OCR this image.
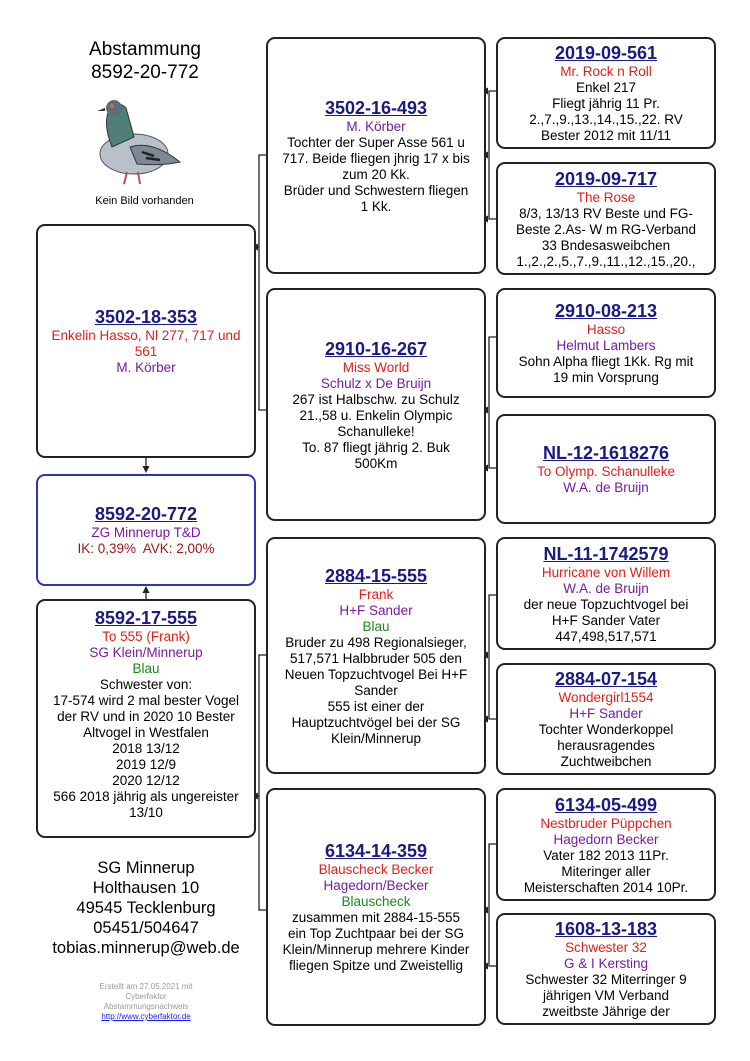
Abstammung
8592-20-772
Kein Bild vorhanden
3502-18-353
Enkelin Hasso, Nl 277, 717 und 561
M. Körber
8592-20-772
ZG Minnerup T&D
IK: 0,39%  AVK: 2,00%
8592-17-555
To 555 (Frank)
SG Klein/Minnerup
Blau
Schwester von:
17-574 wird 2 mal bester Vogel
der RV und in 2020 10 Bester
Altvogel in Westfalen
2018 13/12
2019 12/9
2020 12/12
566 2018 jährig als ungereister
13/10
SG Minnerup
Holthausen 10
49545 Tecklenburg
05451/504647
tobias.minnerup@web.de
Erstellt am 27.05.2021 mit
Cyberfaktor
Abstammungsnachweis
http://www.cyberfaktor.de
3502-16-493
M. Körber
Tochter der Super Asse 561 u
717. Beide fliegen jhrig 17 x bis
zum 20 Kk.
Brüder und Schwestern fliegen
1 Kk.
2910-16-267
Miss World
Schulz x De Bruijn
267 ist Halbschw. zu Schulz
21.,58 u. Enkelin Olympic
Schanulleke!
To. 87 fliegt jährig 2. Buk
500Km
2884-15-555
Frank
H+F Sander
Blau
Bruder zu 498 Regionalsieger,
517,571 Halbbruder 505 den
Neuen Topzuchtvogel Bei H+F
Sander
555 ist einer der
Hauptzuchtvögel bei der SG
Klein/Minnerup
6134-14-359
Blauscheck Becker
Hagedorn/Becker
Blauscheck
zusammen mit 2884-15-555
ein Top Zuchtpaar bei der SG
Klein/Minnerup mehrere Kinder
fliegen Spitze und Zweistellig
2019-09-561
Mr. Rock n Roll
Enkel 217
Fliegt jährig 11 Pr.
2.,7.,9.,13.,14.,15.,22. RV
Bester 2012 mit 11/11
2019-09-717
The Rose
8/3, 13/13 RV Beste und FG-
Beste 2.As- W m RG-Verband
33 Bndesasweibchen
1.,2.,2.,5.,7.,9.,11.,12.,15.,20.,
2910-08-213
Hasso
Helmut Lambers
Sohn Alpha fliegt 1Kk. Rg mit
19 min Vorsprung
NL-12-1618276
To Olymp. Schanulleke
W.A. de Bruijn
NL-11-1742579
Hurricane von Willem
W.A. de Bruijn
der neue Topzuchtvogel bei
H+F Sander Vater
447,498,517,571
2884-07-154
Wondergirl1554
H+F Sander
Tochter Wonderkoppel
herausragendes
Zuchtweibchen
6134-05-499
Nestbruder Püppchen
Hagedorn Becker
Vater 182 2013 11Pr.
Miteringer aller
Meisterschaften 2014 10Pr.
1608-13-183
Schwester 32
G & I Kersting
Schwester 32 Miterringer 9
jährigen VM Verband
zweitbste Jährige der
